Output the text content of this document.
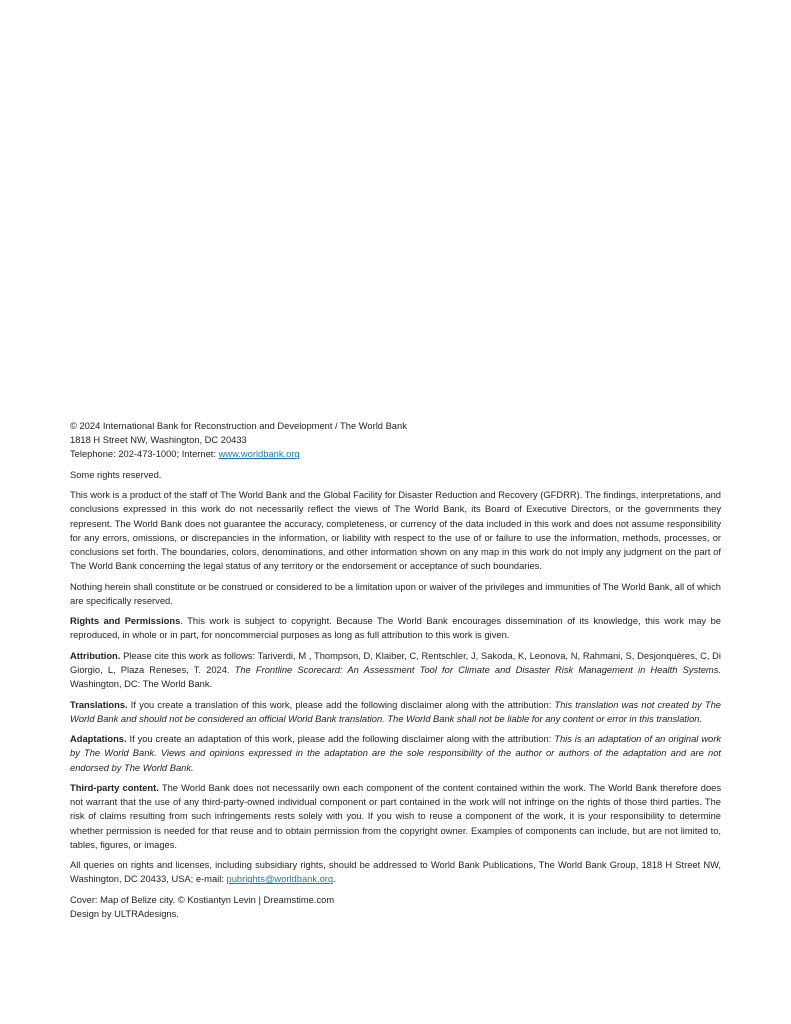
© 2024 International Bank for Reconstruction and Development / The World Bank
1818 H Street NW, Washington, DC 20433
Telephone: 202-473-1000; Internet: www.worldbank.org

Some rights reserved.

This work is a product of the staff of The World Bank and the Global Facility for Disaster Reduction and Recovery (GFDRR). The findings, interpretations, and conclusions expressed in this work do not necessarily reflect the views of The World Bank, its Board of Executive Directors, or the governments they represent. The World Bank does not guarantee the accuracy, completeness, or currency of the data included in this work and does not assume responsibility for any errors, omissions, or discrepancies in the information, or liability with respect to the use of or failure to use the information, methods, processes, or conclusions set forth. The boundaries, colors, denominations, and other information shown on any map in this work do not imply any judgment on the part of The World Bank concerning the legal status of any territory or the endorsement or acceptance of such boundaries.

Nothing herein shall constitute or be construed or considered to be a limitation upon or waiver of the privileges and immunities of The World Bank, all of which are specifically reserved.

Rights and Permissions. This work is subject to copyright. Because The World Bank encourages dissemination of its knowledge, this work may be reproduced, in whole or in part, for noncommercial purposes as long as full attribution to this work is given.

Attribution. Please cite this work as follows: Tariverdi, M , Thompson, D, Klaiber, C, Rentschler, J, Sakoda, K, Leonova, N, Rahmani, S, Desjonquères, C, Di Giorgio, L, Plaza Reneses, T. 2024. The Frontline Scorecard: An Assessment Tool for Climate and Disaster Risk Management in Health Systems. Washington, DC: The World Bank.

Translations. If you create a translation of this work, please add the following disclaimer along with the attribution: This translation was not created by The World Bank and should not be considered an official World Bank translation. The World Bank shall not be liable for any content or error in this translation.

Adaptations. If you create an adaptation of this work, please add the following disclaimer along with the attribution: This is an adaptation of an original work by The World Bank. Views and opinions expressed in the adaptation are the sole responsibility of the author or authors of the adaptation and are not endorsed by The World Bank.

Third-party content. The World Bank does not necessarily own each component of the content contained within the work. The World Bank therefore does not warrant that the use of any third-party-owned individual component or part contained in the work will not infringe on the rights of those third parties. The risk of claims resulting from such infringements rests solely with you. If you wish to reuse a component of the work, it is your responsibility to determine whether permission is needed for that reuse and to obtain permission from the copyright owner. Examples of components can include, but are not limited to, tables, figures, or images.

All queries on rights and licenses, including subsidiary rights, should be addressed to World Bank Publications, The World Bank Group, 1818 H Street NW, Washington, DC 20433, USA; e-mail: pubrights@worldbank.org.

Cover: Map of Belize city. © Kostiantyn Levin | Dreamstime.com
Design by ULTRAdesigns.
